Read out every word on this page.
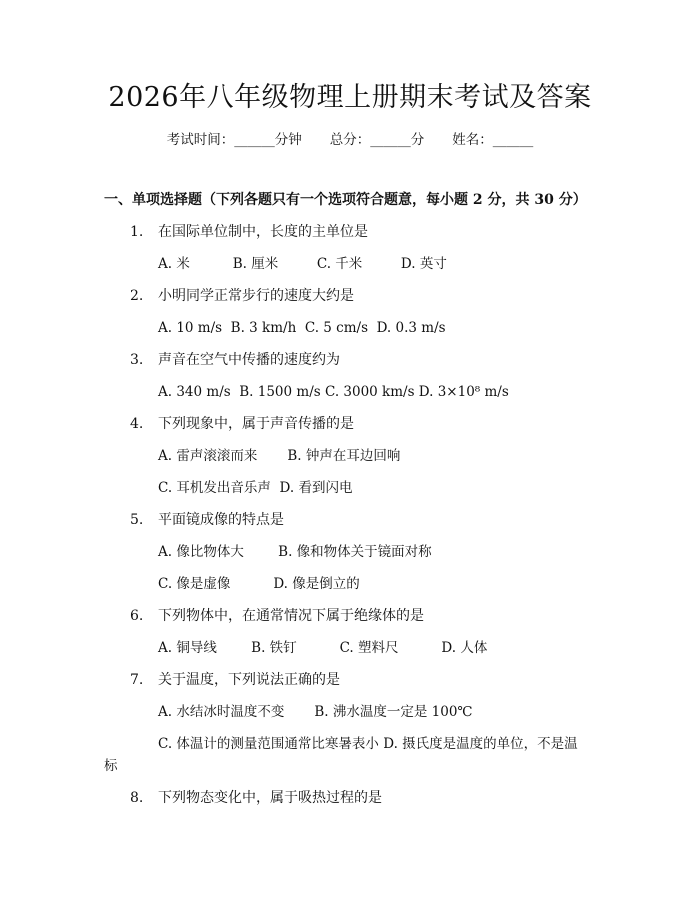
2026年八年级物理上册期末考试及答案
考试时间：______分钟 总分：______分 姓名：______
一、单项选择题（下列各题只有一个选项符合题意，每小题 2 分，共 30 分）
1. 在国际单位制中，长度的主单位是
A. 米          B. 厘米         C. 千米         D. 英寸
2. 小明同学正常步行的速度大约是
A. 10 m/s  B. 3 km/h  C. 5 cm/s  D. 0.3 m/s
3. 声音在空气中传播的速度约为
A. 340 m/s  B. 1500 m/s C. 3000 km/s D. 3×10⁸ m/s
4. 下列现象中，属于声音传播的是
A. 雷声滚滚而来       B. 钟声在耳边回响
C. 耳机发出音乐声  D. 看到闪电
5. 平面镜成像的特点是
A. 像比物体大        B. 像和物体关于镜面对称
C. 像是虚像          D. 像是倒立的
6. 下列物体中，在通常情况下属于绝缘体的是
A. 铜导线        B. 铁钉          C. 塑料尺          D. 人体
7. 关于温度，下列说法正确的是
A. 水结冰时温度不变       B. 沸水温度一定是 100℃
C. 体温计的测量范围通常比寒暑表小 D. 摄氏度是温度的单位，不是温
标
8. 下列物态变化中，属于吸热过程的是
